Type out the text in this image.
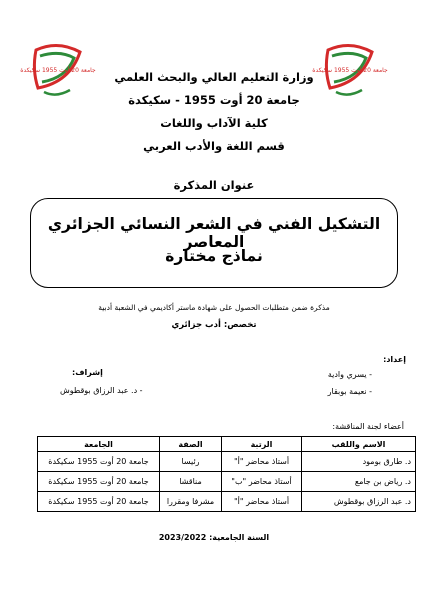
جامعة 20 أوت 1955 سكيكدة	جامعة 20 أوت 1955 سكيكدة
وزارة التعليم العالي والبحث العلمي
جامعة 20 أوت 1955 - سكيكدة
كلية الآداب واللغات
قسم اللغة والأدب العربي
عنوان المذكرة
التشكيل الفني في الشعر النسائي الجزائري المعاصر
نماذج مختارة
مذكرة ضمن متطلبات الحصول على شهادة ماستر أكاديمي في الشعبة أدبية
تخصص: أدب جزائري
إعداد:
- يسري وادية
- نعيمة بوبقار
إشراف:
- د. عبد الرزاق بوقطوش
أعضاء لجنة المناقشة:
الاسم واللقب	الرتبة	الصفة	الجامعة
د. طارق بومود	أستاذ محاضر "أ"	رئيسا	جامعة 20 أوت 1955 سكيكدة
د. رياض بن جامع	أستاذ محاضر "ب"	مناقشا	جامعة 20 أوت 1955 سكيكدة
د. عبد الرزاق بوقطوش	أستاذ محاضر "أ"	مشرفا ومقررا	جامعة 20 أوت 1955 سكيكدة
السنة الجامعية: 2023/2022
